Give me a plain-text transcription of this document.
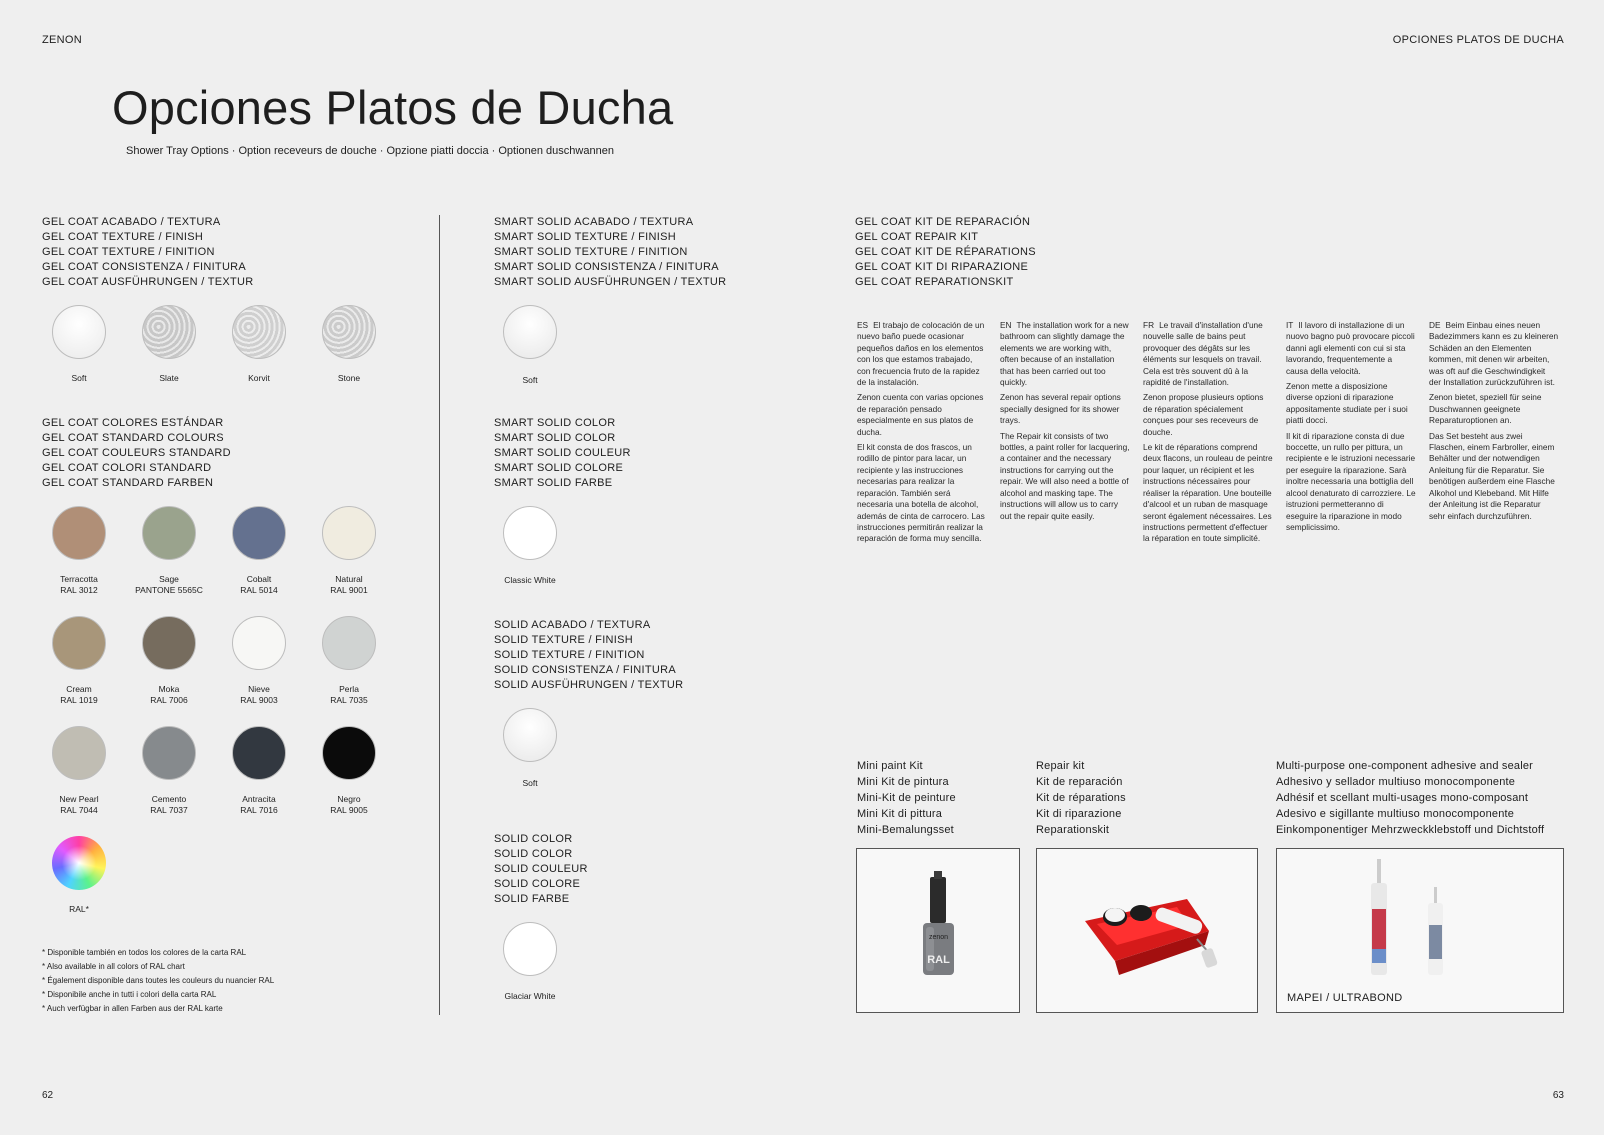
ZENON	OPCIONES PLATOS DE DUCHA
Opciones Platos de Ducha
Shower Tray Options · Option receveurs de douche · Opzione piatti doccia · Optionen duschwannen
GEL COAT ACABADO / TEXTURA
GEL COAT TEXTURE / FINISH
GEL COAT TEXTURE / FINITION
GEL COAT CONSISTENZA / FINITURA
GEL COAT AUSFÜHRUNGEN / TEXTUR
Soft	Slate	Korvit	Stone
GEL COAT COLORES ESTÁNDAR
GEL COAT STANDARD COLOURS
GEL COAT COULEURS STANDARD
GEL COAT COLORI STANDARD
GEL COAT STANDARD FARBEN
Terracotta
RAL 3012
Sage
PANTONE 5565C
Cobalt
RAL 5014
Natural
RAL 9001
Cream
RAL 1019
Moka
RAL 7006
Nieve
RAL 9003
Perla
RAL 7035
New Pearl
RAL 7044
Cemento
RAL 7037
Antracita
RAL 7016
Negro
RAL 9005
RAL*
* Disponible también en todos los colores de la carta RAL
* Also available in all colors of RAL chart
* Également disponible dans toutes les couleurs du nuancier RAL
* Disponibile anche in tutti i colori della carta RAL
* Auch verfügbar in allen Farben aus der RAL karte
SMART SOLID ACABADO / TEXTURA
SMART SOLID TEXTURE / FINISH
SMART SOLID TEXTURE / FINITION
SMART SOLID CONSISTENZA / FINITURA
SMART SOLID AUSFÜHRUNGEN / TEXTUR
Soft
SMART SOLID COLOR
SMART SOLID COLOR
SMART SOLID COULEUR
SMART SOLID COLORE
SMART SOLID FARBE
Classic White
SOLID ACABADO / TEXTURA
SOLID TEXTURE / FINISH
SOLID TEXTURE / FINITION
SOLID CONSISTENZA / FINITURA
SOLID AUSFÜHRUNGEN / TEXTUR
Soft
SOLID COLOR
SOLID COLOR
SOLID COULEUR
SOLID COLORE
SOLID FARBE
Glaciar White
GEL COAT KIT DE REPARACIÓN
GEL COAT REPAIR KIT
GEL COAT KIT DE RÉPARATIONS
GEL COAT KIT DI RIPARAZIONE
GEL COAT REPARATIONSKIT

ES El trabajo de colocación de un nuevo baño puede ocasionar pequeños daños en los elementos con los que estamos trabajado, con frecuencia fruto de la rapidez de la instalación.

Zenon cuenta con varias opciones de reparación pensado especialmente en sus platos de ducha.

El kit consta de dos frascos, un rodillo de pintor para lacar, un recipiente y las instrucciones necesarias para realizar la reparación. También será necesaria una botella de alcohol, además de cinta de carrocero. Las instrucciones permitirán realizar la reparación de forma muy sencilla.

EN The installation work for a new bathroom can slightly damage the elements we are working with, often because of an installation that has been carried out too quickly.

Zenon has several repair options specially designed for its shower trays.

The Repair kit consists of two bottles, a paint roller for lacquering, a container and the necessary instructions for carrying out the repair. We will also need a bottle of alcohol and masking tape. The instructions will allow us to carry out the repair quite easily.

FR Le travail d'installation d'une nouvelle salle de bains peut provoquer des dégâts sur les éléments sur lesquels on travail. Cela est très souvent dû à la rapidité de l'installation.

Zenon propose plusieurs options de réparation spécialement conçues pour ses receveurs de douche.

Le kit de réparations comprend deux flacons, un rouleau de peintre pour laquer, un récipient et les instructions nécessaires pour réaliser la réparation. Une bouteille d'alcool et un ruban de masquage seront également nécessaires. Les instructions permettent d'effectuer la réparation en toute simplicité.

IT Il lavoro di installazione di un nuovo bagno può provocare piccoli danni agli elementi con cui si sta lavorando, frequentemente a causa della velocità.

Zenon mette a disposizione diverse opzioni di riparazione appositamente studiate per i suoi piatti docci.

Il kit di riparazione consta di due boccette, un rullo per pittura, un recipiente e le istruzioni necessarie per eseguire la riparazione. Sarà inoltre necessaria una bottiglia dell alcool denaturato di carrozziere. Le istruzioni permetteranno di eseguire la riparazione in modo semplicissimo.

DE Beim Einbau eines neuen Badezimmers kann es zu kleineren Schäden an den Elementen kommen, mit denen wir arbeiten, was oft auf die Geschwindigkeit der Installation zurückzuführen ist.

Zenon bietet, speziell für seine Duschwannen geeignete Reparaturoptionen an.

Das Set besteht aus zwei Flaschen, einem Farbroller, einem Behälter und der notwendigen Anleitung für die Reparatur. Sie benötigen außerdem eine Flasche Alkohol und Klebeband. Mit Hilfe der Anleitung ist die Reparatur sehr einfach durchzuführen.

Mini paint Kit
Mini Kit de pintura
Mini-Kit de peinture
Mini Kit di pittura
Mini-Bemalungsset
Repair kit
Kit de reparación
Kit de réparations
Kit di riparazione
Reparationskit
Multi-purpose one-component adhesive and sealer
Adhesivo y sellador multiuso monocomponente
Adhésif et scellant multi-usages mono-composant
Adesivo e sigillante multiuso monocomponente
Einkomponentiger Mehrzweckklebstoff und Dichtstoff
zenon
RAL
MAPEI / ULTRABOND
62	63
